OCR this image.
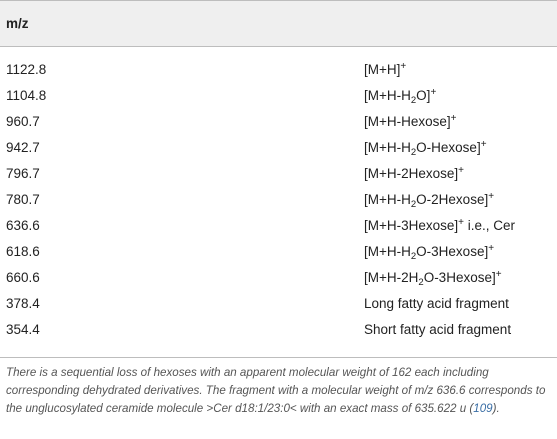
m/z
1122.8	[M+H]+
1104.8	$[M+H-H_2O]^+$
960.7	[M+H-Hexose]+
942.7	$[M+H-H_2O-Hexose]^+$
796.7	[M+H-2Hexose]+
780.7	$[M+H-H_2O-2Hexose]^+$
636.6	[M+H-3Hexose]+ i.e., Cer
618.6	$[M+H-H_2O-3Hexose]^+$
660.6	$[M+H-2H_2O-3Hexose]^+$
378.4	Long fatty acid fragment
354.4	Short fatty acid fragment
There is a sequential loss of hexoses with an apparent molecular weight of 162 each including corresponding dehydrated derivatives. The fragment with a molecular weight of m/z 636.6 corresponds to the unglucosylated ceramide molecule >Cer d18:1/23:0< with an exact mass of 635.622 u (109).
